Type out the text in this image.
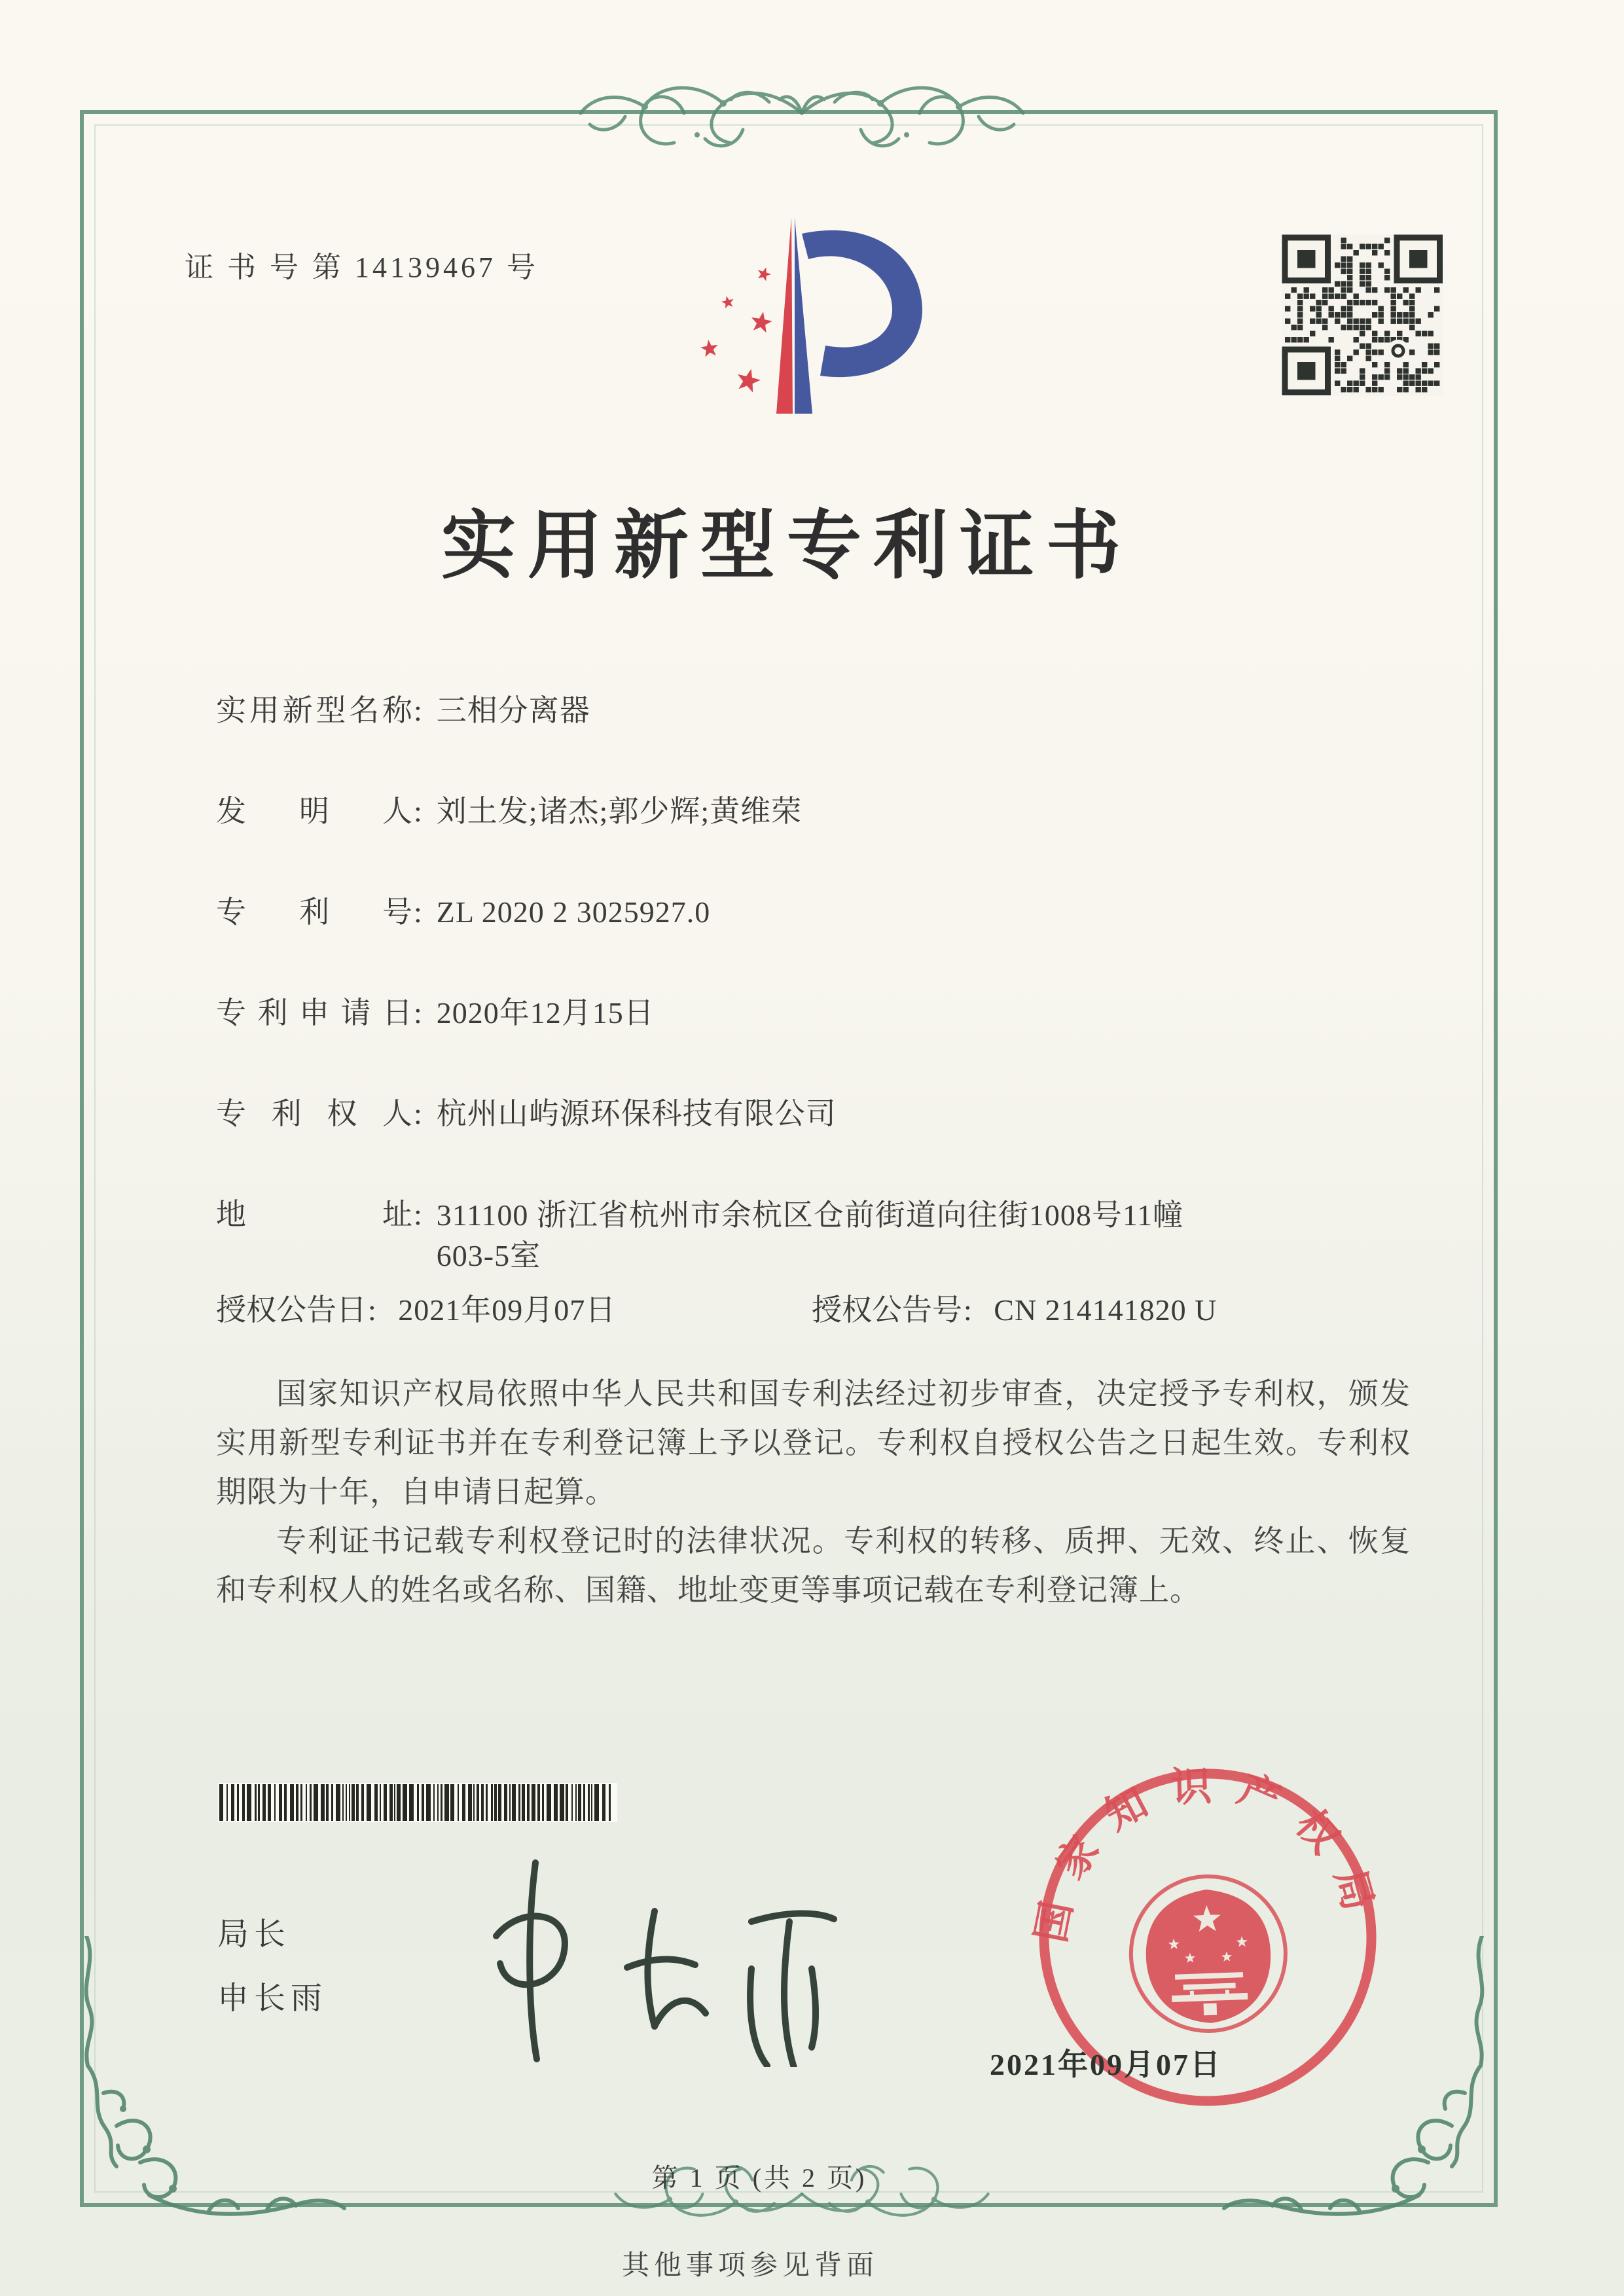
证 书 号 第 14139467 号
实用新型专利证书
实用新型名称 : 三相分离器
发明人 : 刘土发;诸杰;郭少辉;黄维荣
专利号 : ZL 2020 2 3025927.0
专利申请日 : 2020年12月15日
专利权人 : 杭州山屿源环保科技有限公司
地址 : 311100 浙江省杭州市余杭区仓前街道向往街1008号11幢603-5室
授权公告日: 2021年09月07日	授权公告号: CN 214141820 U

国家知识产权局依照中华人民共和国专利法经过初步审查，决定授予专利权，颁发实用新型专利证书并在专利登记簿上予以登记。专利权自授权公告之日起生效。专利权期限为十年，自申请日起算。

专利证书记载专利权登记时的法律状况。专利权的转移、质押、无效、终止、恢复和专利权人的姓名或名称、国籍、地址变更等事项记载在专利登记簿上。

局长
申长雨
国家知识产权局
2021年09月07日
第 1 页 (共 2 页)
其他事项参见背面
